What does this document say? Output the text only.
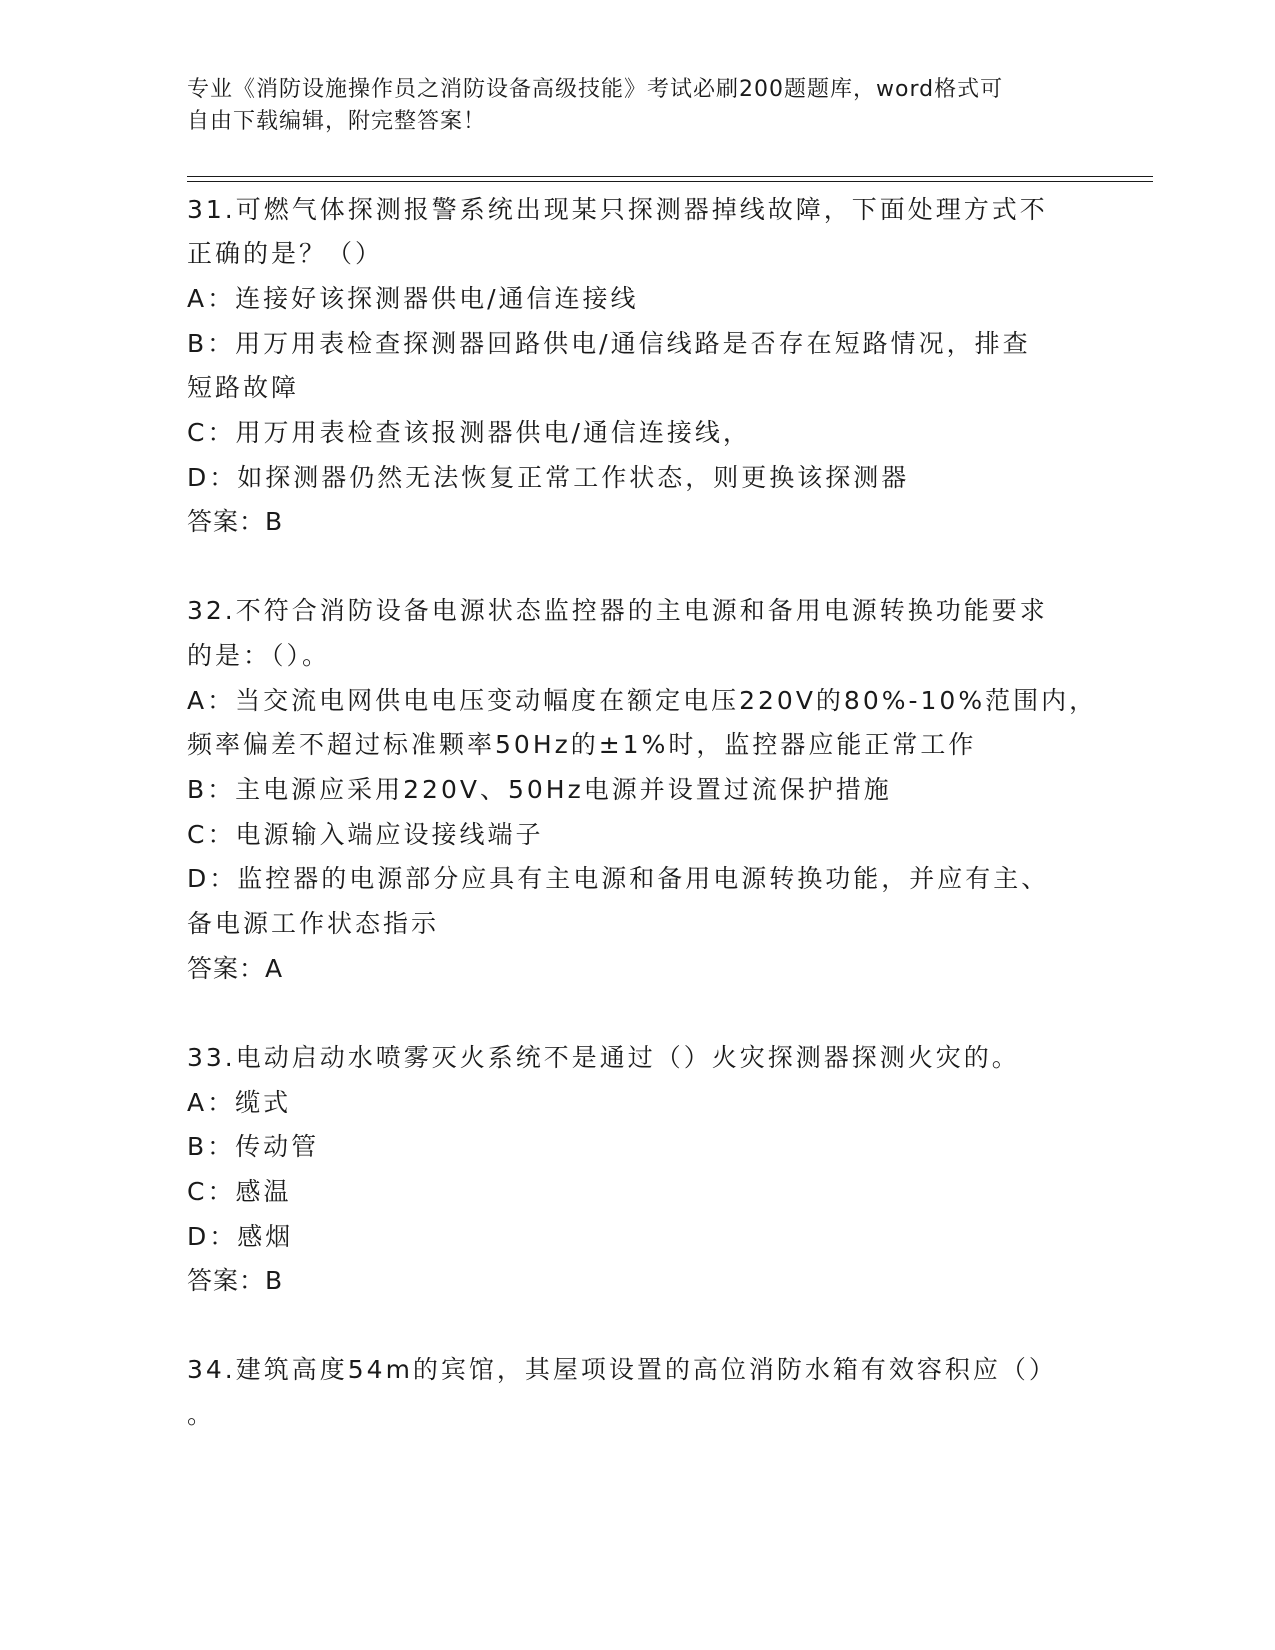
专业《消防设施操作员之消防设备高级技能》考试必刷200题题库，word格式可
自由下载编辑，附完整答案！
31.可燃气体探测报警系统出现某只探测器掉线故障，下面处理方式不
正确的是？（）
A：连接好该探测器供电/通信连接线
B：用万用表检查探测器回路供电/通信线路是否存在短路情况，排查
短路故障
C：用万用表检查该报测器供电/通信连接线，
D：如探测器仍然无法恢复正常工作状态，则更换该探测器
答案：B
32.不符合消防设备电源状态监控器的主电源和备用电源转换功能要求
的是：（）。
A：当交流电网供电电压变动幅度在额定电压220V的80%-10%范围内，
频率偏差不超过标准颗率50Hz的±1%时，监控器应能正常工作
B：主电源应采用220V、50Hz电源并设置过流保护措施
C：电源输入端应设接线端子
D：监控器的电源部分应具有主电源和备用电源转换功能，并应有主、
备电源工作状态指示
答案：A
33.电动启动水喷雾灭火系统不是通过（）火灾探测器探测火灾的。
A：缆式
B：传动管
C：感温
D：感烟
答案：B
34.建筑高度54m的宾馆，其屋项设置的高位消防水箱有效容积应（）
。
